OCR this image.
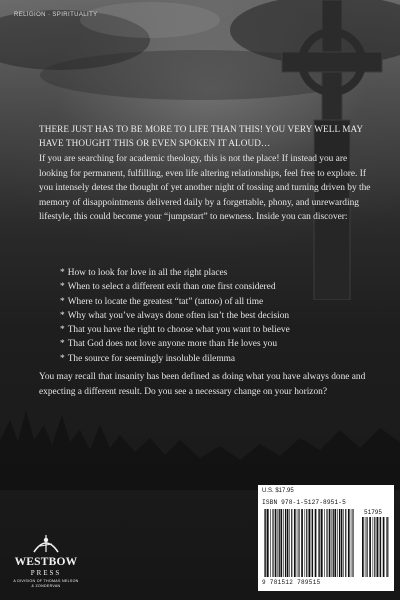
RELIGION · SPIRITUALITY
THERE JUST HAS TO BE MORE TO LIFE THAN THIS! YOU VERY WELL MAY HAVE THOUGHT THIS OR EVEN SPOKEN IT ALOUD…

If you are searching for academic theology, this is not the place! If instead you are looking for permanent, fulfilling, even life altering relationships, feel free to explore. If you intensely detest the thought of yet another night of tossing and turning driven by the memory of disappointments delivered daily by a forgettable, phony, and unrewarding lifestyle, this could become your “jumpstart” to newness. Inside you can discover:

* How to look for love in all the right places
* When to select a different exit than one first considered
* Where to locate the greatest “tat” (tattoo) of all time
* Why what you’ve always done often isn’t the best decision
* That you have the right to choose what you want to believe
* That God does not love anyone more than He loves you
* The source for seemingly insoluble dilemma

You may recall that insanity has been defined as doing what you have always done and expecting a different result. Do you see a necessary change on your horizon?

WESTBOW
PRESS
A DIVISION OF THOMAS NELSON
& ZONDERVAN
U.S. $17.95
ISBN 978-1-5127-8951-5
51795
9 781512 789515
